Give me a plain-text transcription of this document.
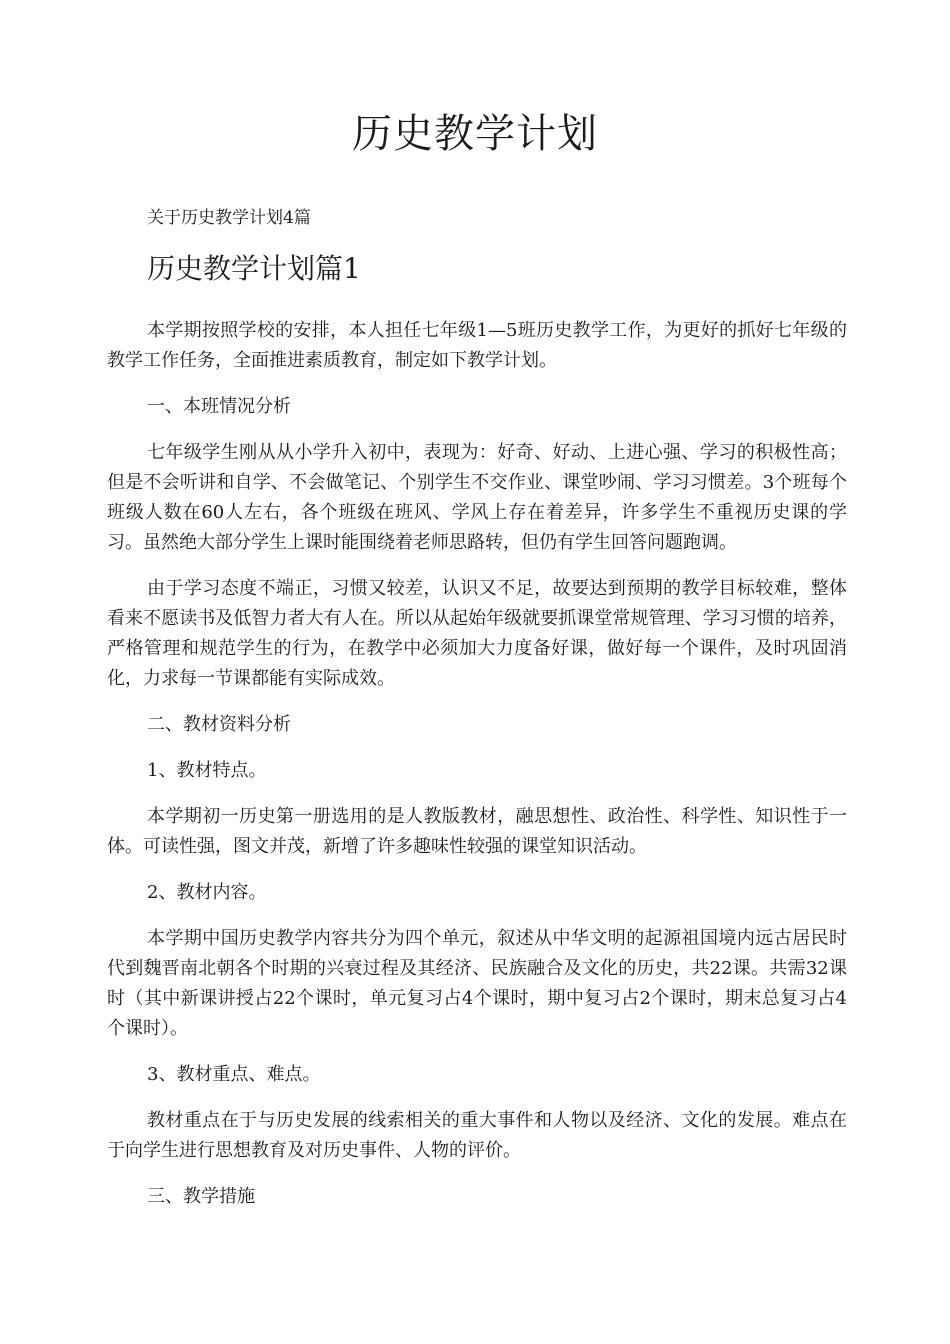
历史教学计划

关于历史教学计划4篇

历史教学计划篇1

本学期按照学校的安排，本人担任七年级1—5班历史教学工作，为更好的抓好七年级的教学工作任务，全面推进素质教育，制定如下教学计划。

一、本班情况分析

七年级学生刚从从小学升入初中，表现为：好奇、好动、上进心强、学习的积极性高；但是不会听讲和自学、不会做笔记、个别学生不交作业、课堂吵闹、学习习惯差。3个班每个班级人数在60人左右，各个班级在班风、学风上存在着差异，许多学生不重视历史课的学习。虽然绝大部分学生上课时能围绕着老师思路转，但仍有学生回答问题跑调。

由于学习态度不端正，习惯又较差，认识又不足，故要达到预期的教学目标较难，整体看来不愿读书及低智力者大有人在。所以从起始年级就要抓课堂常规管理、学习习惯的培养，严格管理和规范学生的行为，在教学中必须加大力度备好课，做好每一个课件，及时巩固消化，力求每一节课都能有实际成效。

二、教材资料分析

1、教材特点。

本学期初一历史第一册选用的是人教版教材，融思想性、政治性、科学性、知识性于一体。可读性强，图文并茂，新增了许多趣味性较强的课堂知识活动。

2、教材内容。

本学期中国历史教学内容共分为四个单元，叙述从中华文明的起源祖国境内远古居民时代到魏晋南北朝各个时期的兴衰过程及其经济、民族融合及文化的历史，共22课。共需32课时（其中新课讲授占22个课时，单元复习占4个课时，期中复习占2个课时，期末总复习占4个课时）。

3、教材重点、难点。

教材重点在于与历史发展的线索相关的重大事件和人物以及经济、文化的发展。难点在于向学生进行思想教育及对历史事件、人物的评价。

三、教学措施
